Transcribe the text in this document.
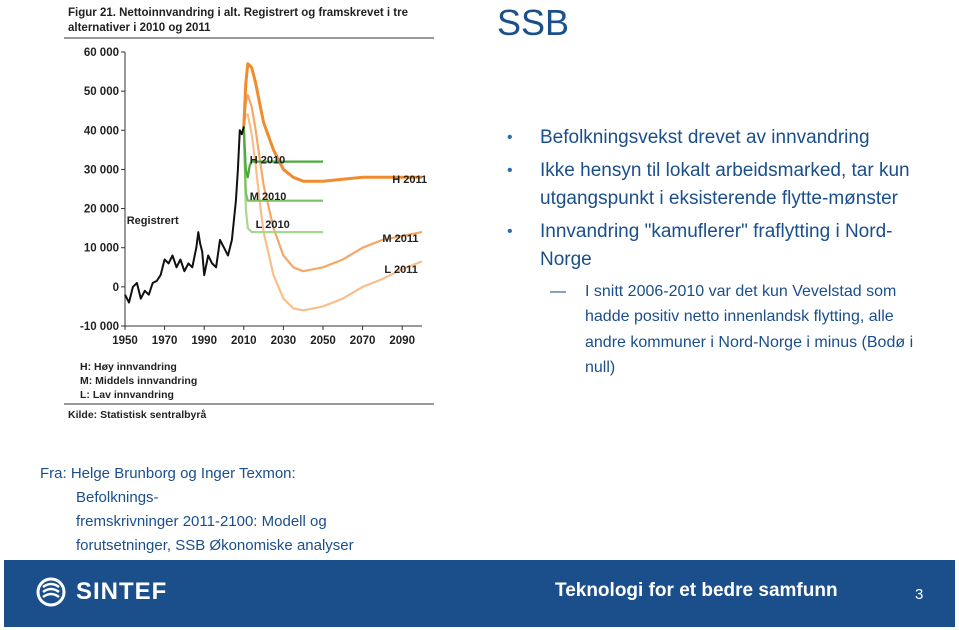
SSB
Figur 21. Nettoinnvandring i alt. Registrert og framskrevet i tre
alternativer i 2010 og 2011
60 000
50 000
40 000
30 000
20 000
10 000
0
-10 000
1950 1970 1990 2010 2030 2050 2070 2090
Registrert
H 2010
M 2010
L 2010
H 2011
M 2011
L 2011
H: Høy innvandring
M: Middels innvandring
L: Lav innvandring
Kilde: Statistisk sentralbyrå
Fra: Helge Brunborg og Inger Texmon:
Befolknings-
fremskrivninger 2011-2100: Modell og
forutsetninger, SSB Økonomiske analyser
• Befolkningsvekst drevet av innvandring
• Ikke hensyn til lokalt arbeidsmarked, tar kun utgangspunkt i eksisterende flytte-mønster
• Innvandring "kamuflerer" fraflytting i Nord-Norge
— I snitt 2006-2010 var det kun Vevelstad som hadde positiv netto innenlandsk flytting, alle andre kommuner i Nord-Norge i minus (Bodø i null)
SINTEF	Teknologi for et bedre samfunn	3
